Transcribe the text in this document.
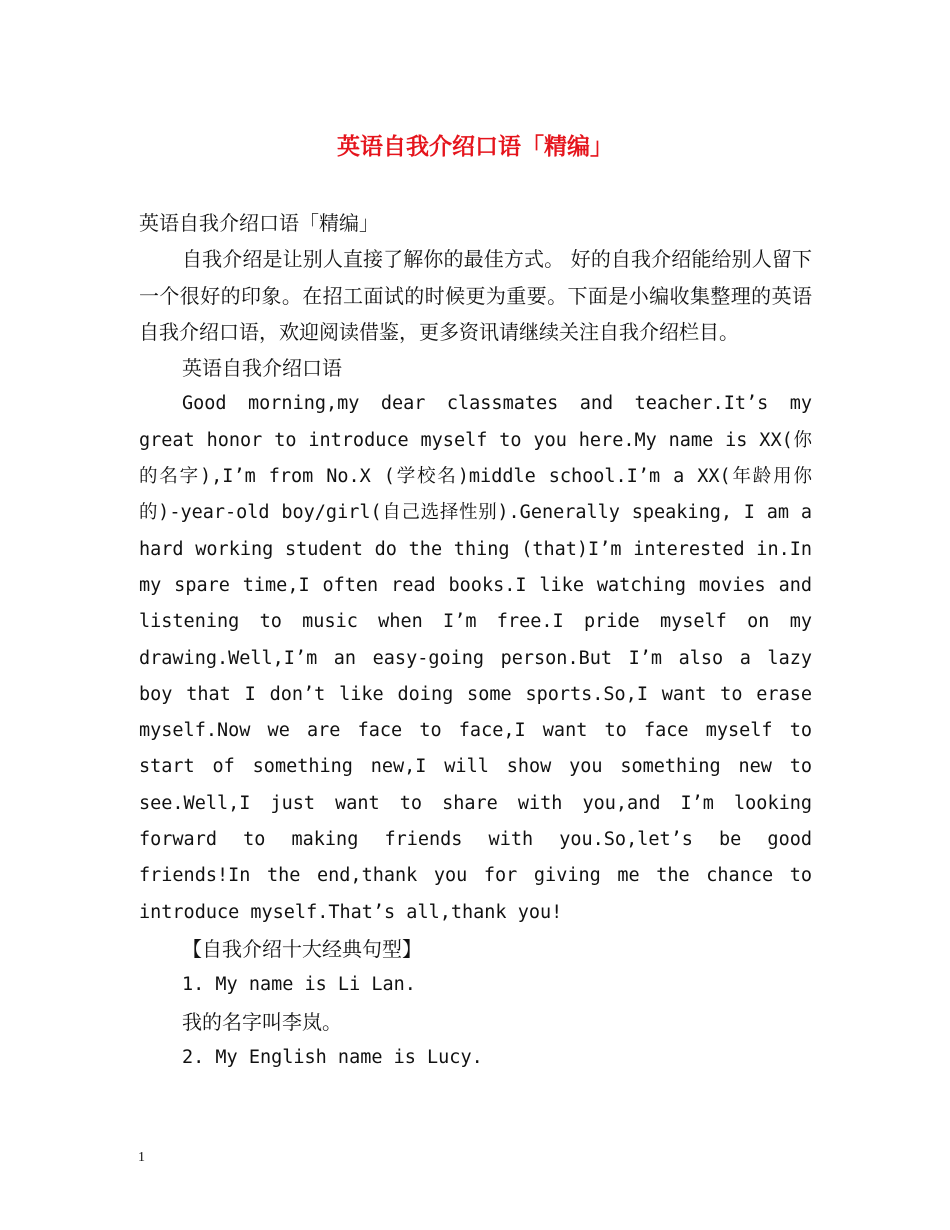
英语自我介绍口语「精编」

英语自我介绍口语「精编」

自我介绍是让别人直接了解你的最佳方式。 好的自我介绍能给别人留下一个很好的印象。在招工面试的时候更为重要。下面是小编收集整理的英语自我介绍口语，欢迎阅读借鉴，更多资讯请继续关注自我介绍栏目。

英语自我介绍口语

Good morning,my dear classmates and teacher.It’s my great honor to introduce myself to you here.My name is XX(你的名字),I’m from No.X (学校名)middle school.I’m a XX(年龄用你的)-year-old boy/girl(自己选择性别).Generally speaking, I am a hard working student do the thing (that)I’m interested in.In my spare time,I often read books.I like watching movies and listening to music when I’m free.I pride myself on my drawing.Well,I’m an easy-going person.But I’m also a lazy boy that I don’t like doing some sports.So,I want to erase myself.Now we are face to face,I want to face myself to start of something new,I will show you something new to see.Well,I just want to share with you,and I’m looking forward to making friends with you.So,let’s be good friends!In the end,thank you for giving me the chance to introduce myself.That’s all,thank you!

【自我介绍十大经典句型】

1. My name is Li Lan.

我的名字叫李岚。

2. My English name is Lucy.

1
